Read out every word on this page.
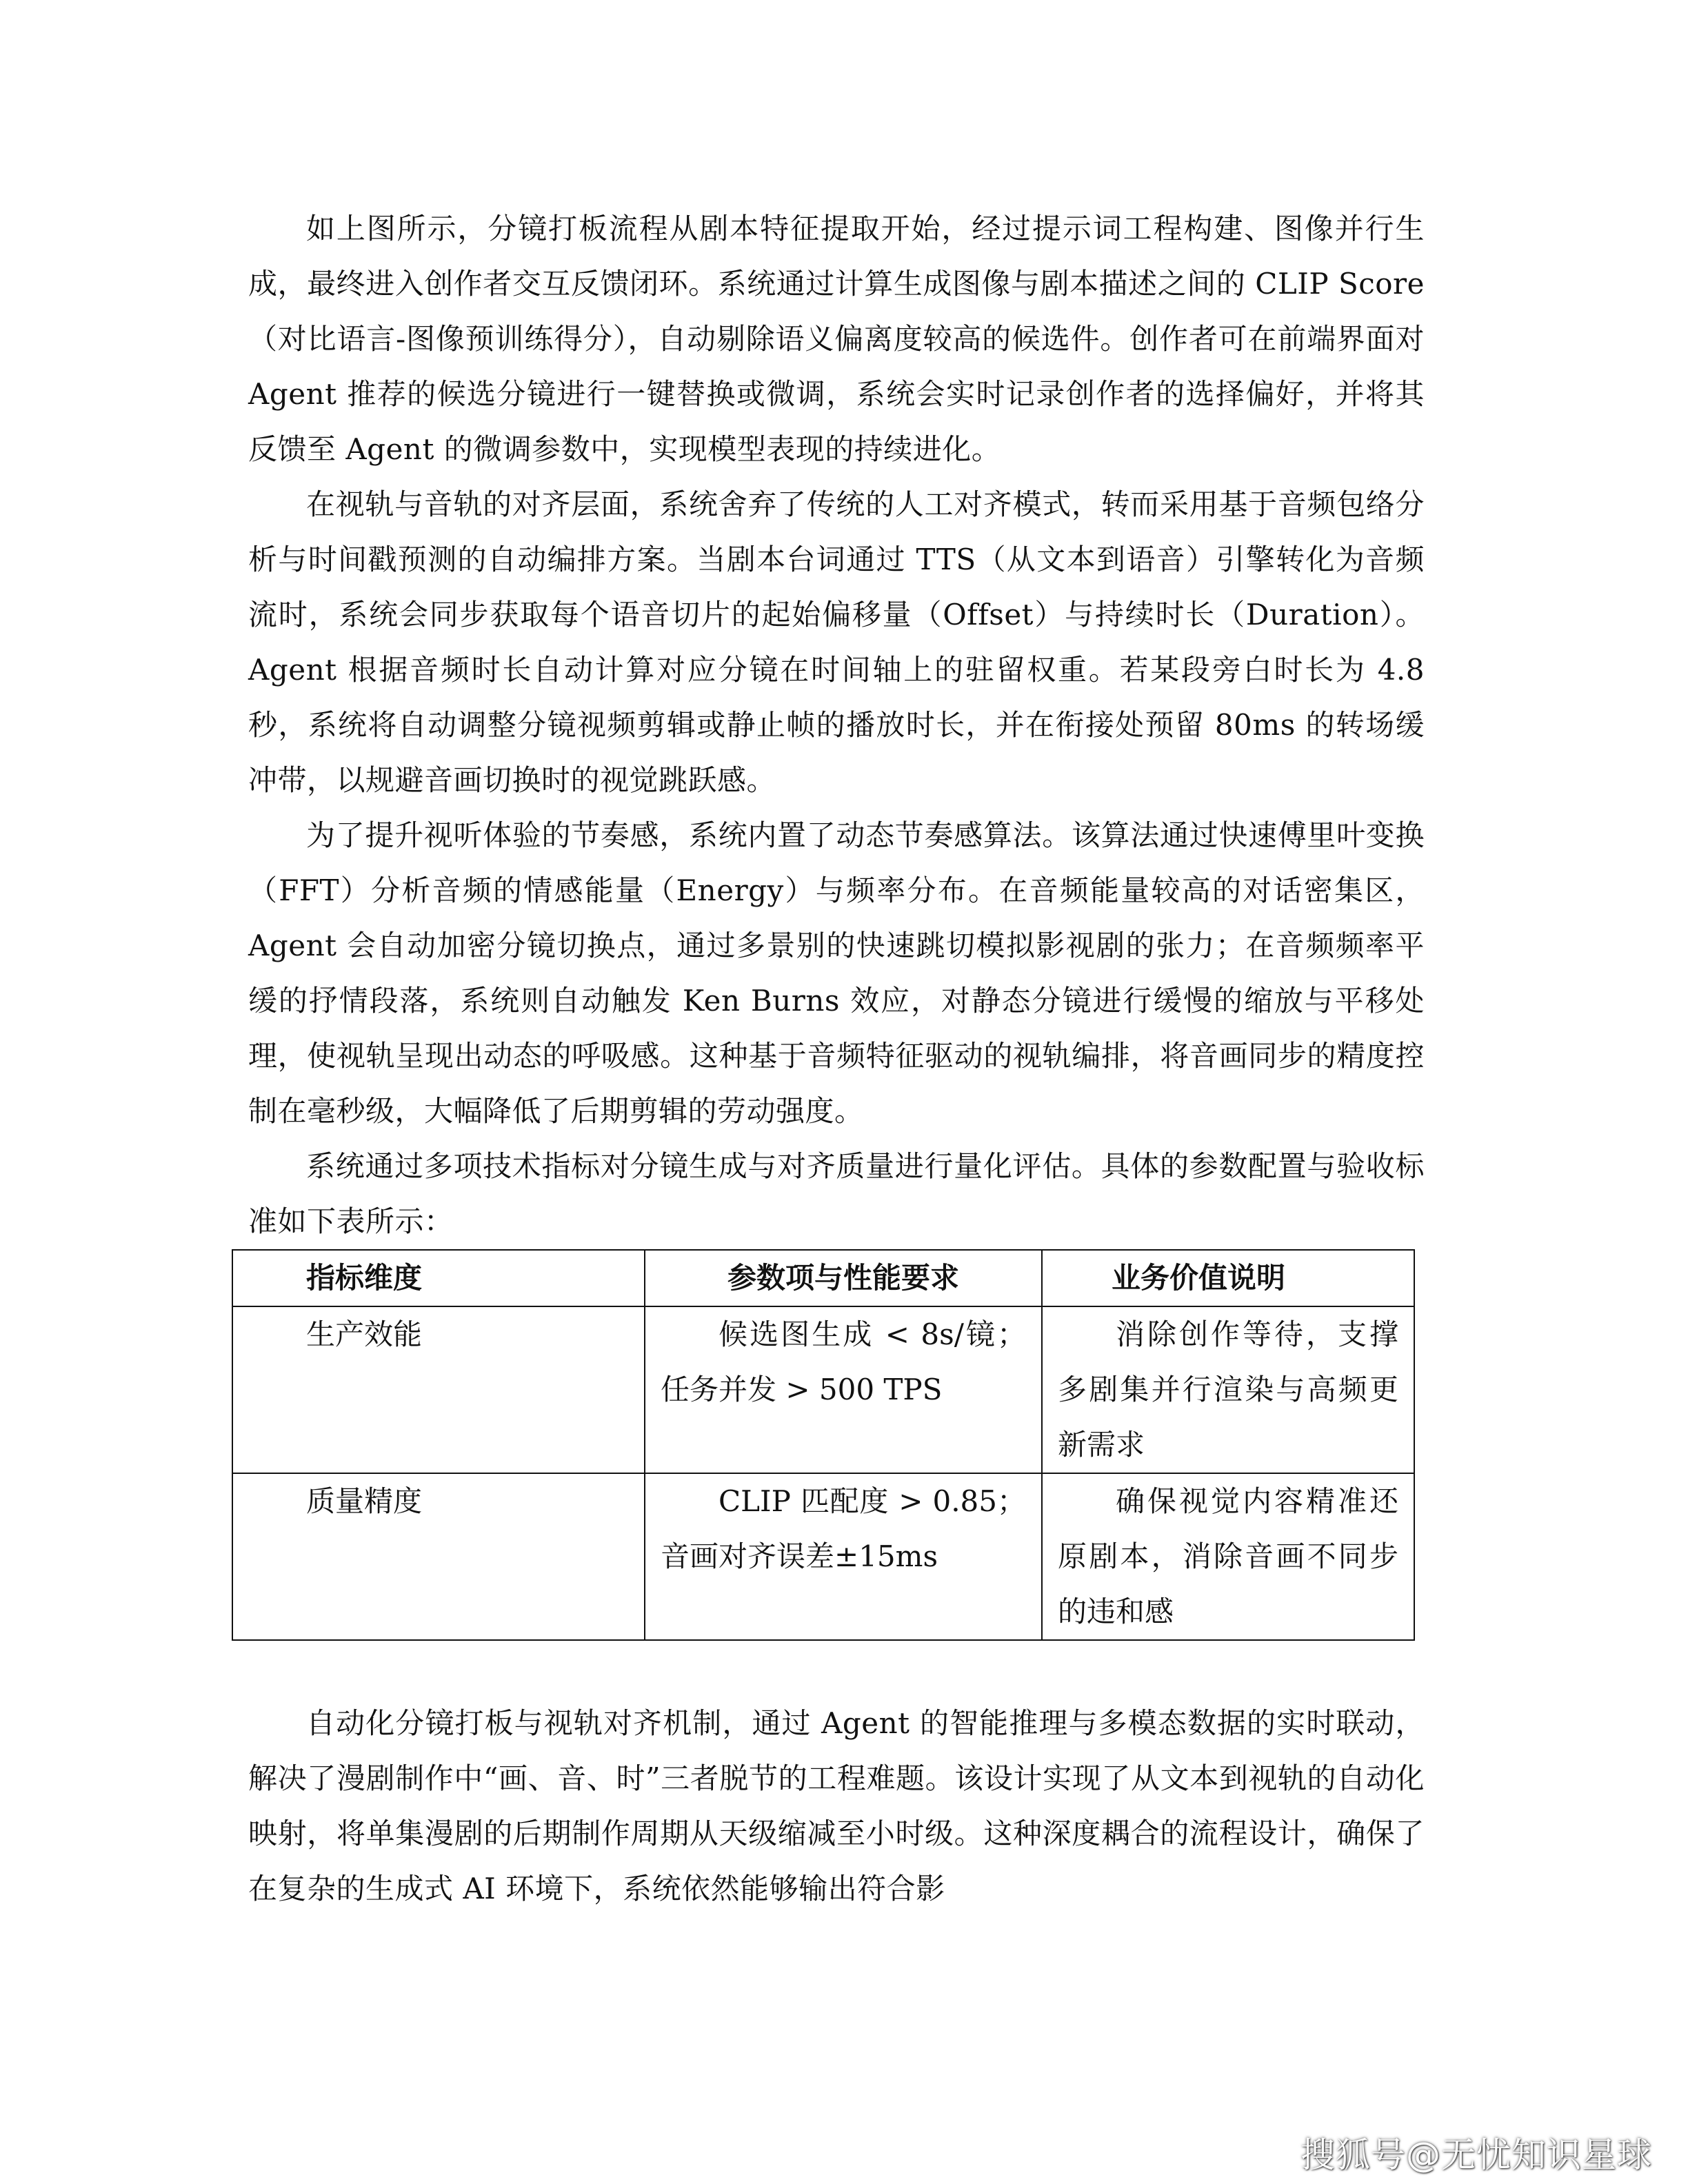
如上图所示，分镜打板流程从剧本特征提取开始，经过提示词工程构建、图像并行生成，最终进入创作者交互反馈闭环。系统通过计算生成图像与剧本描述之间的 CLIP Score（对比语言-图像预训练得分），自动剔除语义偏离度较高的候选件。创作者可在前端界面对 Agent 推荐的候选分镜进行一键替换或微调，系统会实时记录创作者的选择偏好，并将其反馈至 Agent 的微调参数中，实现模型表现的持续进化。

在视轨与音轨的对齐层面，系统舍弃了传统的人工对齐模式，转而采用基于音频包络分析与时间戳预测的自动编排方案。当剧本台词通过 TTS（从文本到语音）引擎转化为音频流时，系统会同步获取每个语音切片的起始偏移量（Offset）与持续时长（Duration）。Agent 根据音频时长自动计算对应分镜在时间轴上的驻留权重。若某段旁白时长为 4.8 秒，系统将自动调整分镜视频剪辑或静止帧的播放时长，并在衔接处预留 80ms 的转场缓冲带，以规避音画切换时的视觉跳跃感。

为了提升视听体验的节奏感，系统内置了动态节奏感算法。该算法通过快速傅里叶变换（FFT）分析音频的情感能量（Energy）与频率分布。在音频能量较高的对话密集区，Agent 会自动加密分镜切换点，通过多景别的快速跳切模拟影视剧的张力；在音频频率平缓的抒情段落，系统则自动触发 Ken Burns 效应，对静态分镜进行缓慢的缩放与平移处理，使视轨呈现出动态的呼吸感。这种基于音频特征驱动的视轨编排，将音画同步的精度控制在毫秒级，大幅降低了后期剪辑的劳动强度。

系统通过多项技术指标对分镜生成与对齐质量进行量化评估。具体的参数配置与验收标准如下表所示：

指标维度	参数项与性能要求	业务价值说明
生产效能	候选图生成 < 8s/镜；任务并发 > 500 TPS	消除创作等待，支撑多剧集并行渲染与高频更新需求
质量精度	CLIP 匹配度 > 0.85；音画对齐误差±15ms	确保视觉内容精准还原剧本，消除音画不同步的违和感

自动化分镜打板与视轨对齐机制，通过 Agent 的智能推理与多模态数据的实时联动，解决了漫剧制作中“画、音、时”三者脱节的工程难题。该设计实现了从文本到视轨的自动化映射，将单集漫剧的后期制作周期从天级缩减至小时级。这种深度耦合的流程设计，确保了在复杂的生成式 AI 环境下，系统依然能够输出符合影

搜狐号@无忧知识星球
